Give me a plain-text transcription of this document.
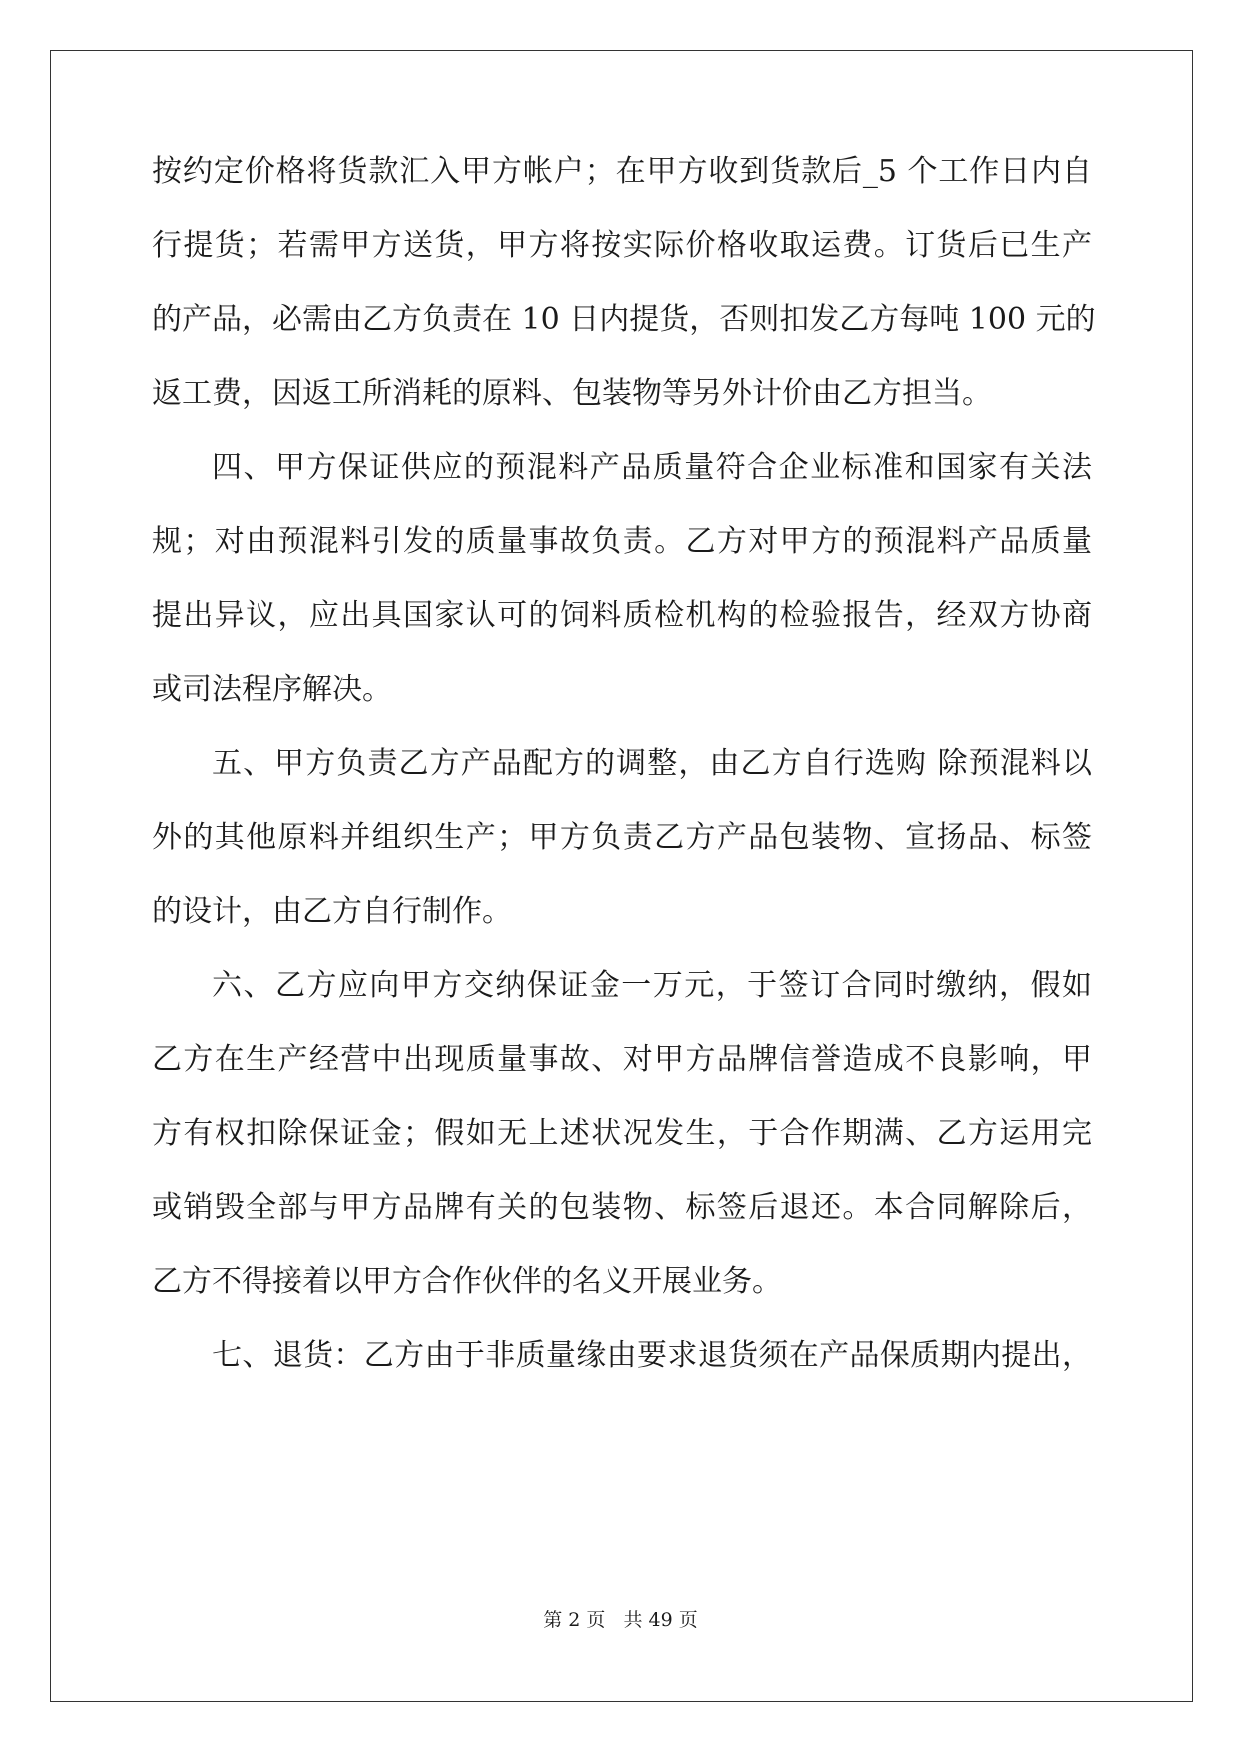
按约定价格将货款汇入甲方帐户；在甲方收到货款后_5 个工作日内自
行提货；若需甲方送货，甲方将按实际价格收取运费。订货后已生产
的产品，必需由乙方负责在 10 日内提货，否则扣发乙方每吨 100 元的
返工费，因返工所消耗的原料、包装物等另外计价由乙方担当。
四、甲方保证供应的预混料产品质量符合企业标准和国家有关法
规；对由预混料引发的质量事故负责。乙方对甲方的预混料产品质量
提出异议，应出具国家认可的饲料质检机构的检验报告，经双方协商
或司法程序解决。
五、甲方负责乙方产品配方的调整，由乙方自行选购 除预混料以
外的其他原料并组织生产；甲方负责乙方产品包装物、宣扬品、标签
的设计，由乙方自行制作。
六、乙方应向甲方交纳保证金一万元，于签订合同时缴纳，假如
乙方在生产经营中出现质量事故、对甲方品牌信誉造成不良影响，甲
方有权扣除保证金；假如无上述状况发生，于合作期满、乙方运用完
或销毁全部与甲方品牌有关的包装物、标签后退还。本合同解除后，
乙方不得接着以甲方合作伙伴的名义开展业务。
七、退货：乙方由于非质量缘由要求退货须在产品保质期内提出，
第 2 页 共 49 页
